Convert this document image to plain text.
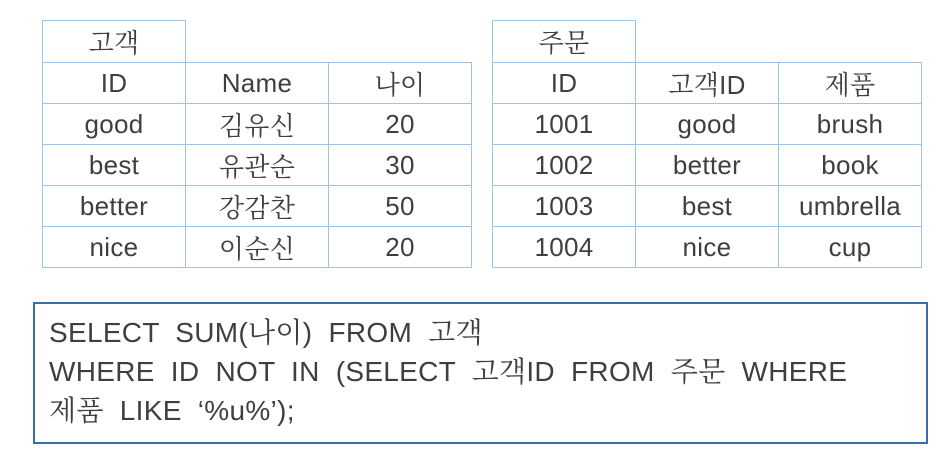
고객		
ID	Name	나이
good	김유신	20
best	유관순	30
better	강감찬	50
nice	이순신	20
주문		
ID	고객ID	제품
1001	good	brush
1002	better	book
1003	best	umbrella
1004	nice	cup
SELECT SUM(나이) FROM 고객
WHERE ID NOT IN (SELECT 고객ID FROM 주문 WHERE
제품 LIKE ‘%u%’);
